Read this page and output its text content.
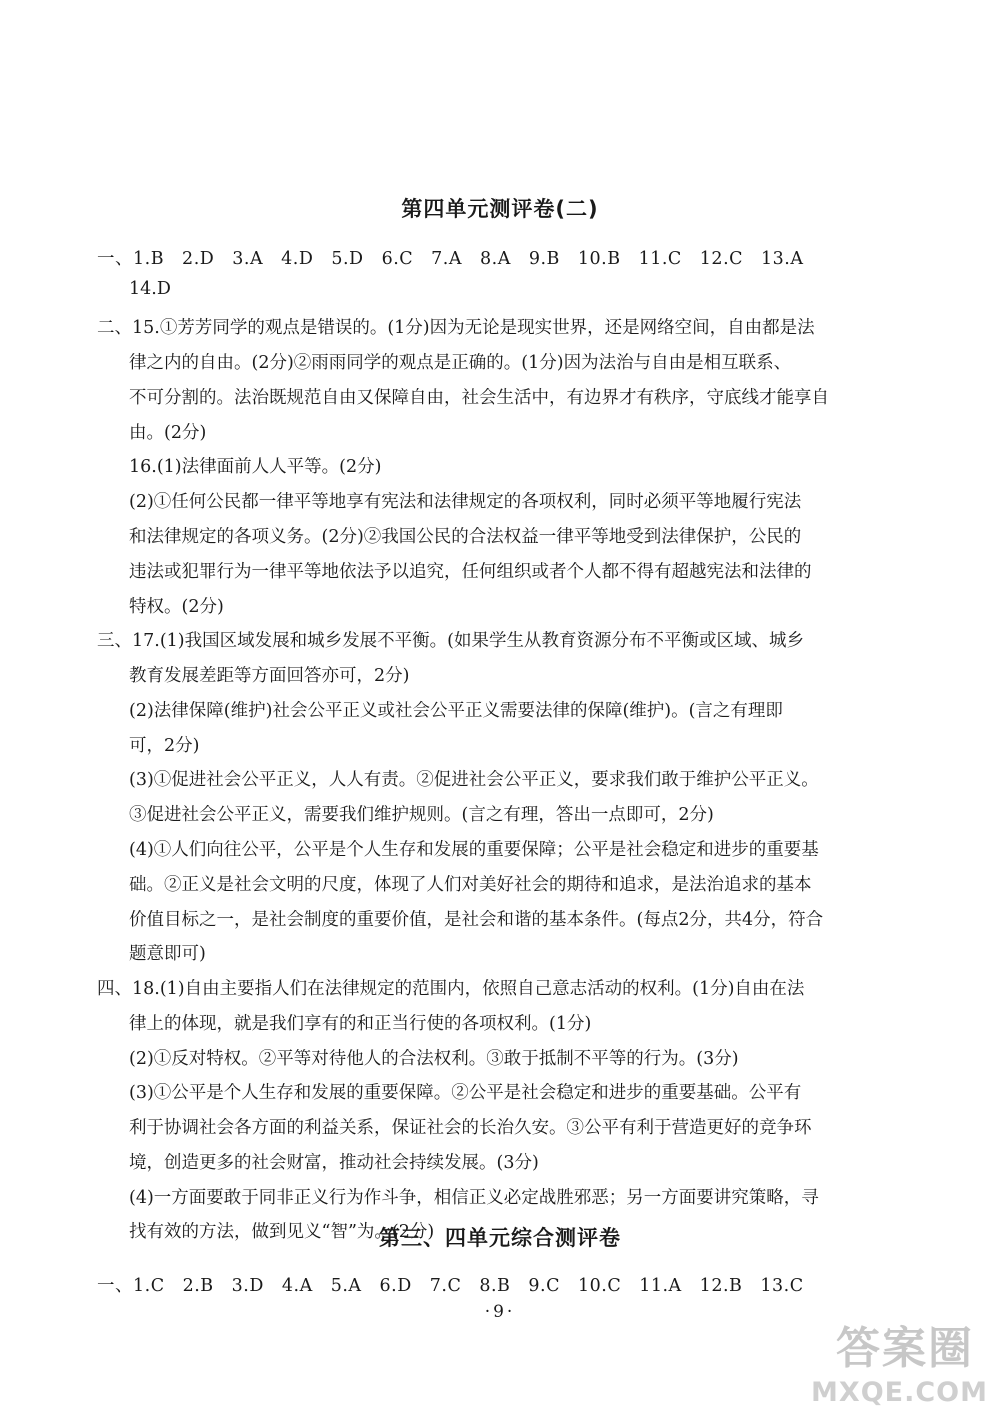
第四单元测评卷(二)
一、1.B　2.D　3.A　4.D　5.D　6.C　7.A　8.A　9.B　10.B　11.C　12.C　13.A
14.D
二、15.①芳芳同学的观点是错误的。(1分)因为无论是现实世界，还是网络空间，自由都是法
律之内的自由。(2分)②雨雨同学的观点是正确的。(1分)因为法治与自由是相互联系、
不可分割的。法治既规范自由又保障自由，社会生活中，有边界才有秩序，守底线才能享自
由。(2分)
16.(1)法律面前人人平等。(2分)
(2)①任何公民都一律平等地享有宪法和法律规定的各项权利，同时必须平等地履行宪法
和法律规定的各项义务。(2分)②我国公民的合法权益一律平等地受到法律保护，公民的
违法或犯罪行为一律平等地依法予以追究，任何组织或者个人都不得有超越宪法和法律的
特权。(2分)
三、17.(1)我国区域发展和城乡发展不平衡。(如果学生从教育资源分布不平衡或区域、城乡
教育发展差距等方面回答亦可，2分)
(2)法律保障(维护)社会公平正义或社会公平正义需要法律的保障(维护)。(言之有理即
可，2分)
(3)①促进社会公平正义，人人有责。②促进社会公平正义，要求我们敢于维护公平正义。
③促进社会公平正义，需要我们维护规则。(言之有理，答出一点即可，2分)
(4)①人们向往公平，公平是个人生存和发展的重要保障；公平是社会稳定和进步的重要基
础。②正义是社会文明的尺度，体现了人们对美好社会的期待和追求，是法治追求的基本
价值目标之一，是社会制度的重要价值，是社会和谐的基本条件。(每点2分，共4分，符合
题意即可)
四、18.(1)自由主要指人们在法律规定的范围内，依照自己意志活动的权利。(1分)自由在法
律上的体现，就是我们享有的和正当行使的各项权利。(1分)
(2)①反对特权。②平等对待他人的合法权利。③敢于抵制不平等的行为。(3分)
(3)①公平是个人生存和发展的重要保障。②公平是社会稳定和进步的重要基础。公平有
利于协调社会各方面的利益关系，保证社会的长治久安。③公平有利于营造更好的竞争环
境，创造更多的社会财富，推动社会持续发展。(3分)
(4)一方面要敢于同非正义行为作斗争，相信正义必定战胜邪恶；另一方面要讲究策略，寻
找有效的方法，做到见义“智”为。(2分)
第三、四单元综合测评卷
一、1.C　2.B　3.D　4.A　5.A　6.D　7.C　8.B　9.C　10.C　11.A　12.B　13.C
·9·
答案圈
MXQE.COM
